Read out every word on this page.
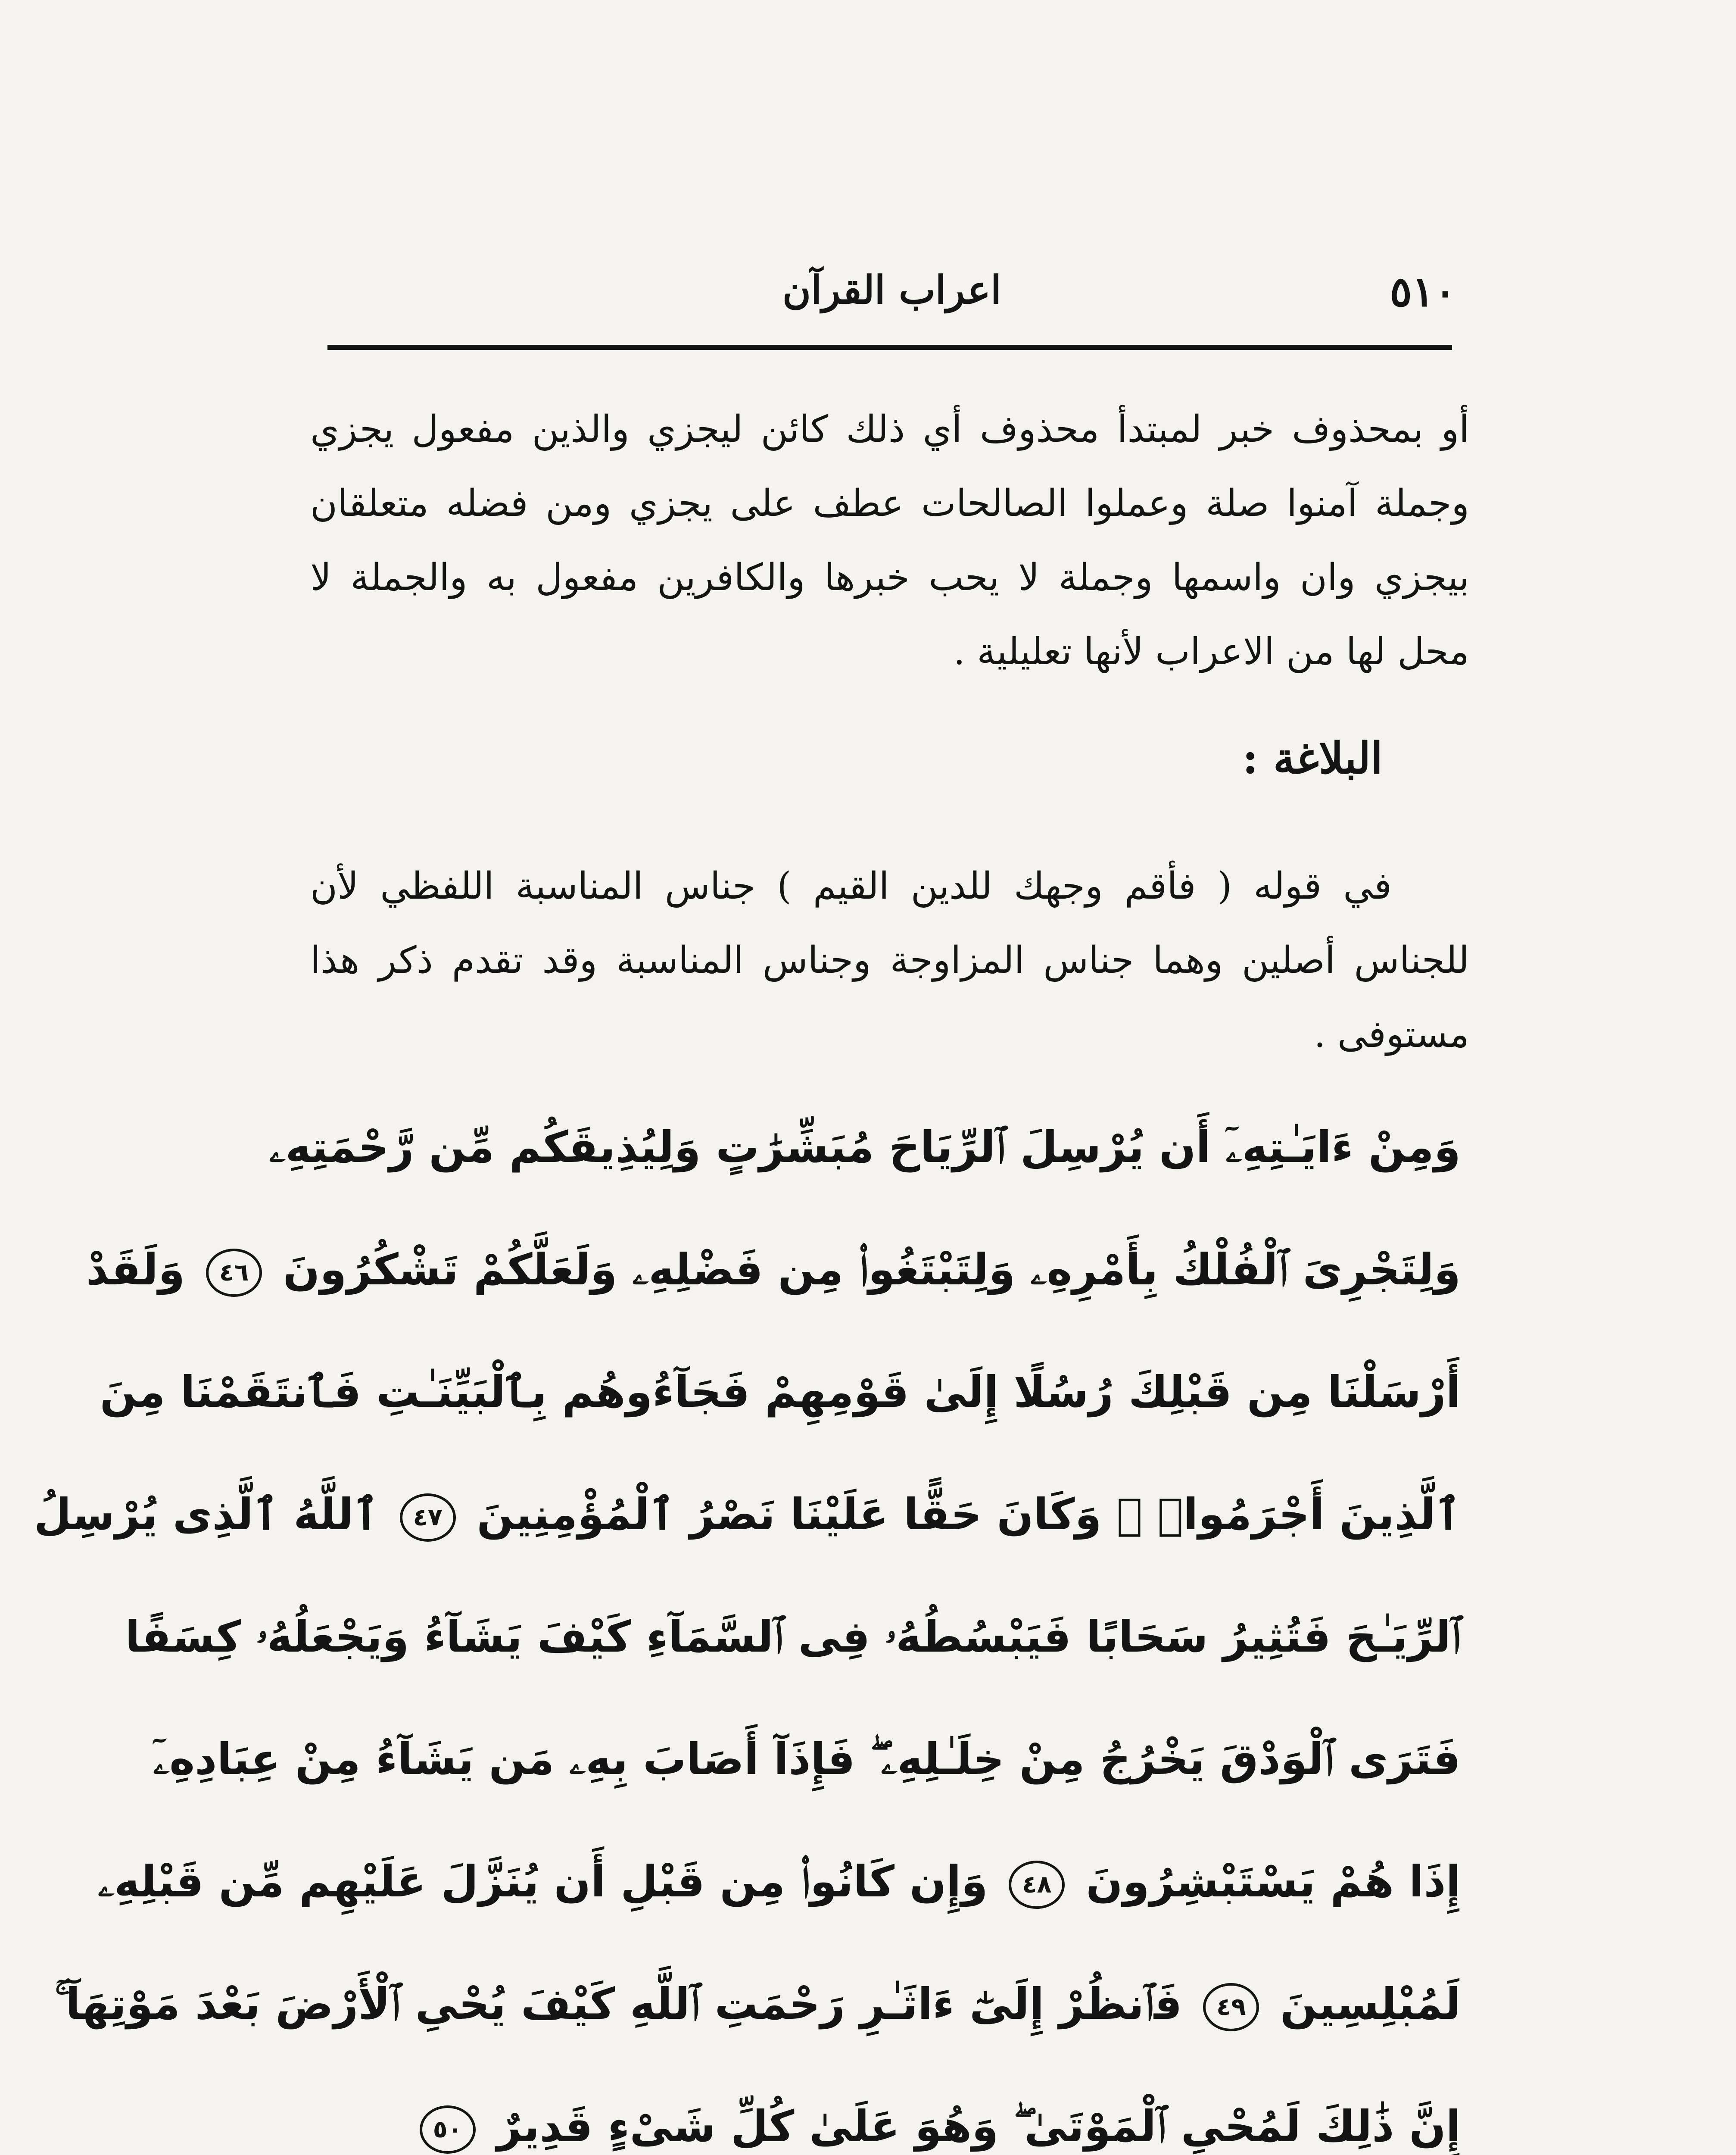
٥١٠
اعراب القرآن

أو بمحذوف خبر لمبتدأ محذوف أي ذلك كائن ليجزي والذين مفعول يجزي وجملة آمنوا صلة وعملوا الصالحات عطف على يجزي ومن فضله متعلقان بيجزي وان واسمها وجملة لا يحب خبرها والكافرين مفعول به والجملة لا محل لها من الاعراب لأنها تعليلية .

البلاغة :

في قوله ( فأقم وجهك للدين القيم ) جناس المناسبة اللفظي لأن للجناس أصلين وهما جناس المزاوجة وجناس المناسبة وقد تقدم ذكر هذا مستوفى .

وَمِنْ ءَايَـٰتِهِۦٓ أَن يُرْسِلَ ٱلرِّيَاحَ مُبَشِّرَٰتٍ وَلِيُذِيقَكُم مِّن رَّحْمَتِهِۦ
وَلِتَجْرِىَ ٱلْفُلْكُ بِأَمْرِهِۦ وَلِتَبْتَغُوا۟ مِن فَضْلِهِۦ وَلَعَلَّكُمْ تَشْكُرُونَ ٤٦ وَلَقَدْ
أَرْسَلْنَا مِن قَبْلِكَ رُسُلًا إِلَىٰ قَوْمِهِمْ فَجَآءُوهُم بِٱلْبَيِّنَـٰتِ فَٱنتَقَمْنَا مِنَ
ٱلَّذِينَ أَجْرَمُوا۟ ۖ وَكَانَ حَقًّا عَلَيْنَا نَصْرُ ٱلْمُؤْمِنِينَ ٤٧ ٱللَّهُ ٱلَّذِى يُرْسِلُ
ٱلرِّيَـٰحَ فَتُثِيرُ سَحَابًا فَيَبْسُطُهُۥ فِى ٱلسَّمَآءِ كَيْفَ يَشَآءُ وَيَجْعَلُهُۥ كِسَفًا
فَتَرَى ٱلْوَدْقَ يَخْرُجُ مِنْ خِلَـٰلِهِۦ ۖ فَإِذَآ أَصَابَ بِهِۦ مَن يَشَآءُ مِنْ عِبَادِهِۦٓ
إِذَا هُمْ يَسْتَبْشِرُونَ ٤٨ وَإِن كَانُوا۟ مِن قَبْلِ أَن يُنَزَّلَ عَلَيْهِم مِّن قَبْلِهِۦ
لَمُبْلِسِينَ ٤٩ فَٱنظُرْ إِلَىٰٓ ءَاثَـٰرِ رَحْمَتِ ٱللَّهِ كَيْفَ يُحْىِ ٱلْأَرْضَ بَعْدَ مَوْتِهَآ ۚ
إِنَّ ذَٰلِكَ لَمُحْىِ ٱلْمَوْتَىٰ ۖ وَهُوَ عَلَىٰ كُلِّ شَىْءٍ قَدِيرٌ ٥٠
